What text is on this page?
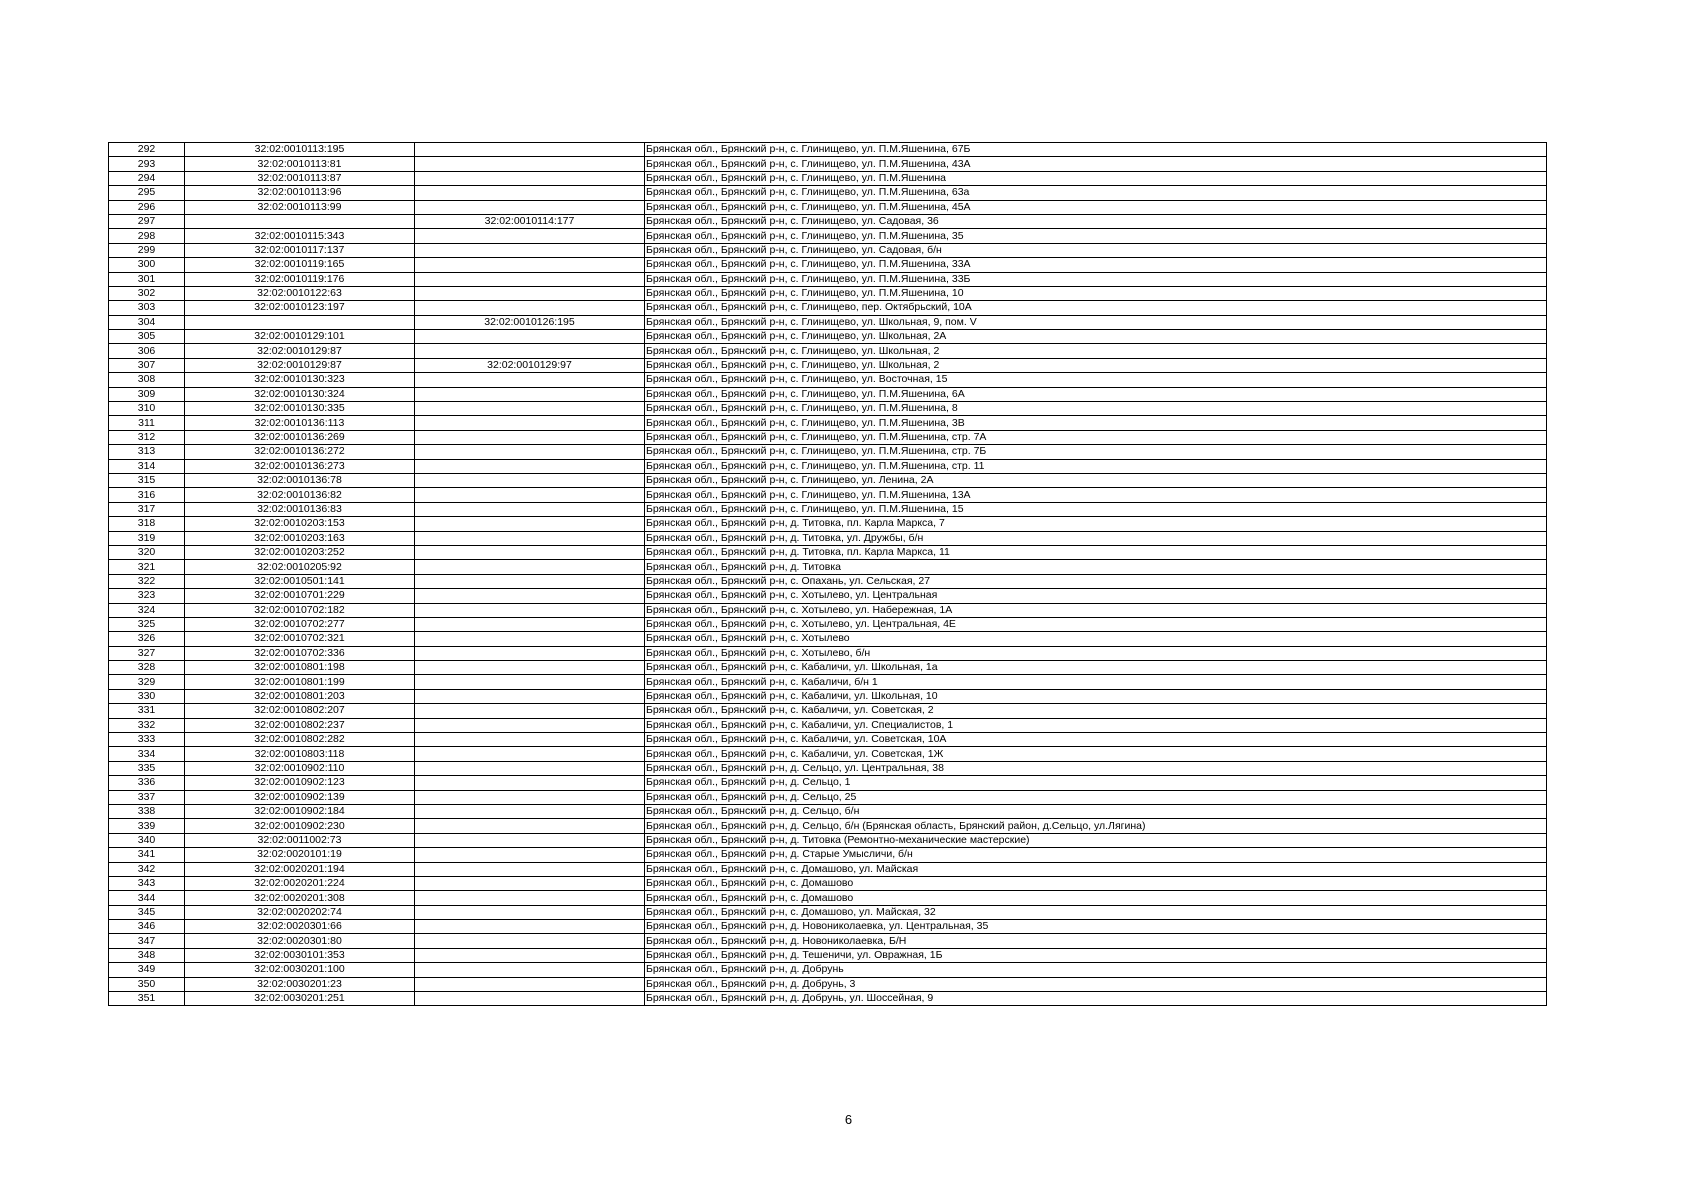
292	32:02:0010113:195		Брянская обл., Брянский р-н, с. Глинищево, ул. П.М.Яшенина, 67Б
293	32:02:0010113:81		Брянская обл., Брянский р-н, с. Глинищево, ул. П.М.Яшенина, 43А
294	32:02:0010113:87		Брянская обл., Брянский р-н, с. Глинищево, ул. П.М.Яшенина
295	32:02:0010113:96		Брянская обл., Брянский р-н, с. Глинищево, ул. П.М.Яшенина, 63а
296	32:02:0010113:99		Брянская обл., Брянский р-н, с. Глинищево, ул. П.М.Яшенина, 45А
297		32:02:0010114:177	Брянская обл., Брянский р-н, с. Глинищево, ул. Садовая, 36
298	32:02:0010115:343		Брянская обл., Брянский р-н, с. Глинищево, ул. П.М.Яшенина, 35
299	32:02:0010117:137		Брянская обл., Брянский р-н, с. Глинищево, ул. Садовая, б/н
300	32:02:0010119:165		Брянская обл., Брянский р-н, с. Глинищево, ул. П.М.Яшенина, 33А
301	32:02:0010119:176		Брянская обл., Брянский р-н, с. Глинищево, ул. П.М.Яшенина, 33Б
302	32:02:0010122:63		Брянская обл., Брянский р-н, с. Глинищево, ул. П.М.Яшенина, 10
303	32:02:0010123:197		Брянская обл., Брянский р-н, с. Глинищево, пер. Октябрьский, 10А
304		32:02:0010126:195	Брянская обл., Брянский р-н, с. Глинищево, ул. Школьная, 9, пом. V
305	32:02:0010129:101		Брянская обл., Брянский р-н, с. Глинищево, ул. Школьная, 2А
306	32:02:0010129:87		Брянская обл., Брянский р-н, с. Глинищево, ул. Школьная, 2
307	32:02:0010129:87	32:02:0010129:97	Брянская обл., Брянский р-н, с. Глинищево, ул. Школьная, 2
308	32:02:0010130:323		Брянская обл., Брянский р-н, с. Глинищево, ул. Восточная, 15
309	32:02:0010130:324		Брянская обл., Брянский р-н, с. Глинищево, ул. П.М.Яшенина, 6А
310	32:02:0010130:335		Брянская обл., Брянский р-н, с. Глинищево, ул. П.М.Яшенина, 8
311	32:02:0010136:113		Брянская обл., Брянский р-н, с. Глинищево, ул. П.М.Яшенина, 3В
312	32:02:0010136:269		Брянская обл., Брянский р-н, с. Глинищево, ул. П.М.Яшенина, стр. 7А
313	32:02:0010136:272		Брянская обл., Брянский р-н, с. Глинищево, ул. П.М.Яшенина, стр. 7Б
314	32:02:0010136:273		Брянская обл., Брянский р-н, с. Глинищево, ул. П.М.Яшенина, стр. 11
315	32:02:0010136:78		Брянская обл., Брянский р-н, с. Глинищево, ул. Ленина, 2А
316	32:02:0010136:82		Брянская обл., Брянский р-н, с. Глинищево, ул. П.М.Яшенина, 13А
317	32:02:0010136:83		Брянская обл., Брянский р-н, с. Глинищево, ул. П.М.Яшенина, 15
318	32:02:0010203:153		Брянская обл., Брянский р-н, д. Титовка, пл. Карла Маркса, 7
319	32:02:0010203:163		Брянская обл., Брянский р-н, д. Титовка, ул. Дружбы, б/н
320	32:02:0010203:252		Брянская обл., Брянский р-н, д. Титовка, пл. Карла Маркса, 11
321	32:02:0010205:92		Брянская обл., Брянский р-н, д. Титовка
322	32:02:0010501:141		Брянская обл., Брянский р-н, с. Опахань, ул. Сельская, 27
323	32:02:0010701:229		Брянская обл., Брянский р-н, с. Хотылево, ул. Центральная
324	32:02:0010702:182		Брянская обл., Брянский р-н, с. Хотылево, ул. Набережная, 1А
325	32:02:0010702:277		Брянская обл., Брянский р-н, с. Хотылево, ул. Центральная, 4Е
326	32:02:0010702:321		Брянская обл., Брянский р-н, с. Хотылево
327	32:02:0010702:336		Брянская обл., Брянский р-н, с. Хотылево, б/н
328	32:02:0010801:198		Брянская обл., Брянский р-н, с. Кабаличи, ул. Школьная, 1а
329	32:02:0010801:199		Брянская обл., Брянский р-н, с. Кабаличи, б/н 1
330	32:02:0010801:203		Брянская обл., Брянский р-н, с. Кабаличи, ул. Школьная, 10
331	32:02:0010802:207		Брянская обл., Брянский р-н, с. Кабаличи, ул. Советская, 2
332	32:02:0010802:237		Брянская обл., Брянский р-н, с. Кабаличи, ул. Специалистов, 1
333	32:02:0010802:282		Брянская обл., Брянский р-н, с. Кабаличи, ул. Советская, 10А
334	32:02:0010803:118		Брянская обл., Брянский р-н, с. Кабаличи, ул. Советская, 1Ж
335	32:02:0010902:110		Брянская обл., Брянский р-н, д. Сельцо, ул. Центральная, 38
336	32:02:0010902:123		Брянская обл., Брянский р-н, д. Сельцо, 1
337	32:02:0010902:139		Брянская обл., Брянский р-н, д. Сельцо, 25
338	32:02:0010902:184		Брянская обл., Брянский р-н, д. Сельцо, б/н
339	32:02:0010902:230		Брянская обл., Брянский р-н, д. Сельцо, б/н (Брянская область, Брянский район, д.Сельцо, ул.Лягина)
340	32:02:0011002:73		Брянская обл., Брянский р-н, д. Титовка (Ремонтно-механические мастерские)
341	32:02:0020101:19		Брянская обл., Брянский р-н, д. Старые Умысличи, б/н
342	32:02:0020201:194		Брянская обл., Брянский р-н, с. Домашово, ул. Майская
343	32:02:0020201:224		Брянская обл., Брянский р-н, с. Домашово
344	32:02:0020201:308		Брянская обл., Брянский р-н, с. Домашово
345	32:02:0020202:74		Брянская обл., Брянский р-н, с. Домашово, ул. Майская, 32
346	32:02:0020301:66		Брянская обл., Брянский р-н, д. Новониколаевка, ул. Центральная, 35
347	32:02:0020301:80		Брянская обл., Брянский р-н, д. Новониколаевка, Б/Н
348	32:02:0030101:353		Брянская обл., Брянский р-н, д. Тешеничи, ул. Овражная, 1Б
349	32:02:0030201:100		Брянская обл., Брянский р-н, д. Добрунь
350	32:02:0030201:23		Брянская обл., Брянский р-н, д. Добрунь, 3
351	32:02:0030201:251		Брянская обл., Брянский р-н, д. Добрунь, ул. Шоссейная, 9
6
